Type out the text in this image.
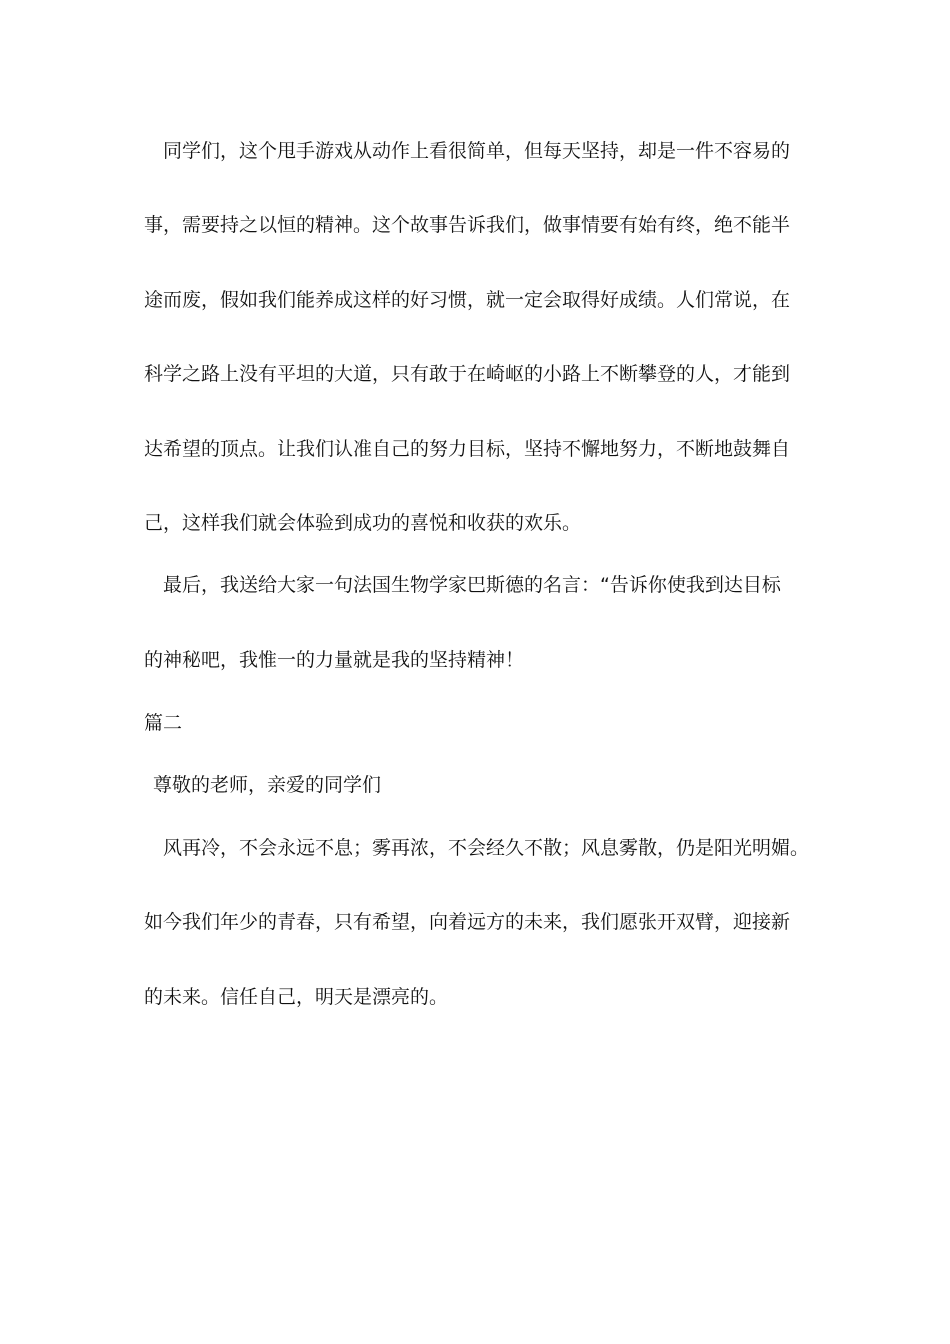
同学们，这个甩手游戏从动作上看很简单，但每天坚持，却是一件不容易的
事，需要持之以恒的精神。这个故事告诉我们，做事情要有始有终，绝不能半
途而废，假如我们能养成这样的好习惯，就一定会取得好成绩。人们常说，在
科学之路上没有平坦的大道，只有敢于在崎岖的小路上不断攀登的人，才能到
达希望的顶点。让我们认准自己的努力目标，坚持不懈地努力，不断地鼓舞自
己，这样我们就会体验到成功的喜悦和收获的欢乐。
最后，我送给大家一句法国生物学家巴斯德的名言：“告诉你使我到达目标
的神秘吧，我惟一的力量就是我的坚持精神！
篇二
尊敬的老师，亲爱的同学们
风再冷，不会永远不息；雾再浓，不会经久不散；风息雾散，仍是阳光明媚。
如今我们年少的青春，只有希望，向着远方的未来，我们愿张开双臂，迎接新
的未来。信任自己，明天是漂亮的。
